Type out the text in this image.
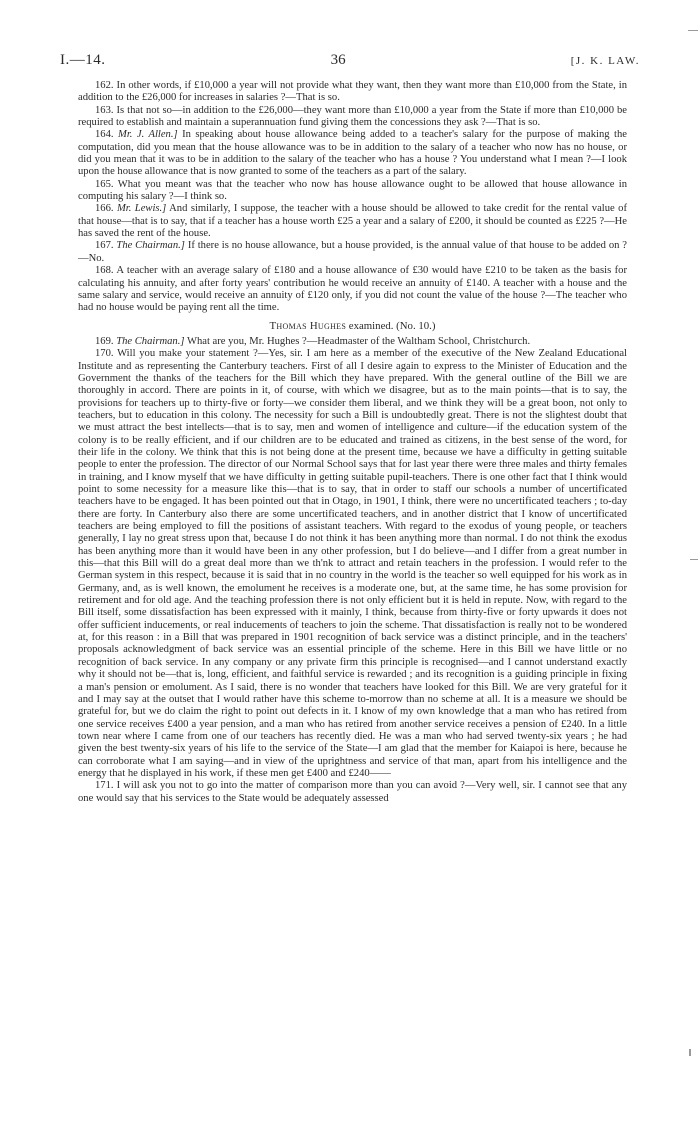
I.—14.	36	[J. K. LAW.

162. In other words, if £10,000 a year will not provide what they want, then they want more than £10,000 from the State, in addition to the £26,000 for increases in salaries ?—That is so.

163. Is that not so—in addition to the £26,000—they want more than £10,000 a year from the State if more than £10,000 be required to establish and maintain a superannuation fund giving them the concessions they ask ?—That is so.

164. Mr. J. Allen.] In speaking about house allowance being added to a teacher's salary for the purpose of making the computation, did you mean that the house allowance was to be in addition to the salary of a teacher who now has no house, or did you mean that it was to be in addition to the salary of the teacher who has a house ? You understand what I mean ?—I look upon the house allowance that is now granted to some of the teachers as a part of the salary.

165. What you meant was that the teacher who now has house allowance ought to be allowed that house allowance in computing his salary ?—I think so.

166. Mr. Lewis.] And similarly, I suppose, the teacher with a house should be allowed to take credit for the rental value of that house—that is to say, that if a teacher has a house worth £25 a year and a salary of £200, it should be counted as £225 ?—He has saved the rent of the house.

167. The Chairman.] If there is no house allowance, but a house provided, is the annual value of that house to be added on ?—No.

168. A teacher with an average salary of £180 and a house allowance of £30 would have £210 to be taken as the basis for calculating his annuity, and after forty years' contribution he would receive an annuity of £140. A teacher with a house and the same salary and service, would receive an annuity of £120 only, if you did not count the value of the house ?—The teacher who had no house would be paying rent all the time.

Thomas Hughes examined. (No. 10.)

169. The Chairman.] What are you, Mr. Hughes ?—Headmaster of the Waltham School, Christchurch.

170. Will you make your statement ?—Yes, sir. I am here as a member of the executive of the New Zealand Educational Institute and as representing the Canterbury teachers. First of all I desire again to express to the Minister of Education and the Government the thanks of the teachers for the Bill which they have prepared. With the general outline of the Bill we are thoroughly in accord. There are points in it, of course, with which we disagree, but as to the main points—that is to say, the provisions for teachers up to thirty-five or forty—we consider them liberal, and we think they will be a great boon, not only to teachers, but to education in this colony. The necessity for such a Bill is undoubtedly great. There is not the slightest doubt that we must attract the best intellects—that is to say, men and women of intelligence and culture—if the education system of the colony is to be really efficient, and if our children are to be educated and trained as citizens, in the best sense of the word, for their life in the colony. We think that this is not being done at the present time, because we have a difficulty in getting suitable people to enter the profession. The director of our Normal School says that for last year there were three males and thirty females in training, and I know myself that we have difficulty in getting suitable pupil-teachers. There is one other fact that I think would point to some necessity for a measure like this—that is to say, that in order to staff our schools a number of uncertificated teachers have to be engaged. It has been pointed out that in Otago, in 1901, I think, there were no uncertificated teachers ; to-day there are forty. In Canterbury also there are some uncertificated teachers, and in another district that I know of uncertificated teachers are being employed to fill the positions of assistant teachers. With regard to the exodus of young people, or teachers generally, I lay no great stress upon that, because I do not think it has been anything more than normal. I do not think the exodus has been anything more than it would have been in any other profession, but I do believe—and I differ from a great number in this—that this Bill will do a great deal more than we th'nk to attract and retain teachers in the profession. I would refer to the German system in this respect, because it is said that in no country in the world is the teacher so well equipped for his work as in Germany, and, as is well known, the emolument he receives is a moderate one, but, at the same time, he has some provision for retirement and for old age. And the teaching profession there is not only efficient but it is held in repute. Now, with regard to the Bill itself, some dissatisfaction has been expressed with it mainly, I think, because from thirty-five or forty upwards it does not offer sufficient inducements, or real inducements of teachers to join the scheme. That dissatisfaction is really not to be wondered at, for this reason : in a Bill that was prepared in 1901 recognition of back service was a distinct principle, and in the teachers' proposals acknowledgment of back service was an essential principle of the scheme. Here in this Bill we have little or no recognition of back service. In any company or any private firm this principle is recognised—and I cannot understand exactly why it should not be—that is, long, efficient, and faithful service is rewarded ; and its recognition is a guiding principle in fixing a man's pension or emolument. As I said, there is no wonder that teachers have looked for this Bill. We are very grateful for it and I may say at the outset that I would rather have this scheme to-morrow than no scheme at all. It is a measure we should be grateful for, but we do claim the right to point out defects in it. I know of my own knowledge that a man who has retired from one service receives £400 a year pension, and a man who has retired from another service receives a pension of £240. In a little town near where I came from one of our teachers has recently died. He was a man who had served twenty-six years ; he had given the best twenty-six years of his life to the service of the State—I am glad that the member for Kaiapoi is here, because he can corroborate what I am saying—and in view of the uprightness and service of that man, apart from his intelligence and the energy that he displayed in his work, if these men get £400 and £240——

171. I will ask you not to go into the matter of comparison more than you can avoid ?—Very well, sir. I cannot see that any one would say that his services to the State would be adequately assessed
